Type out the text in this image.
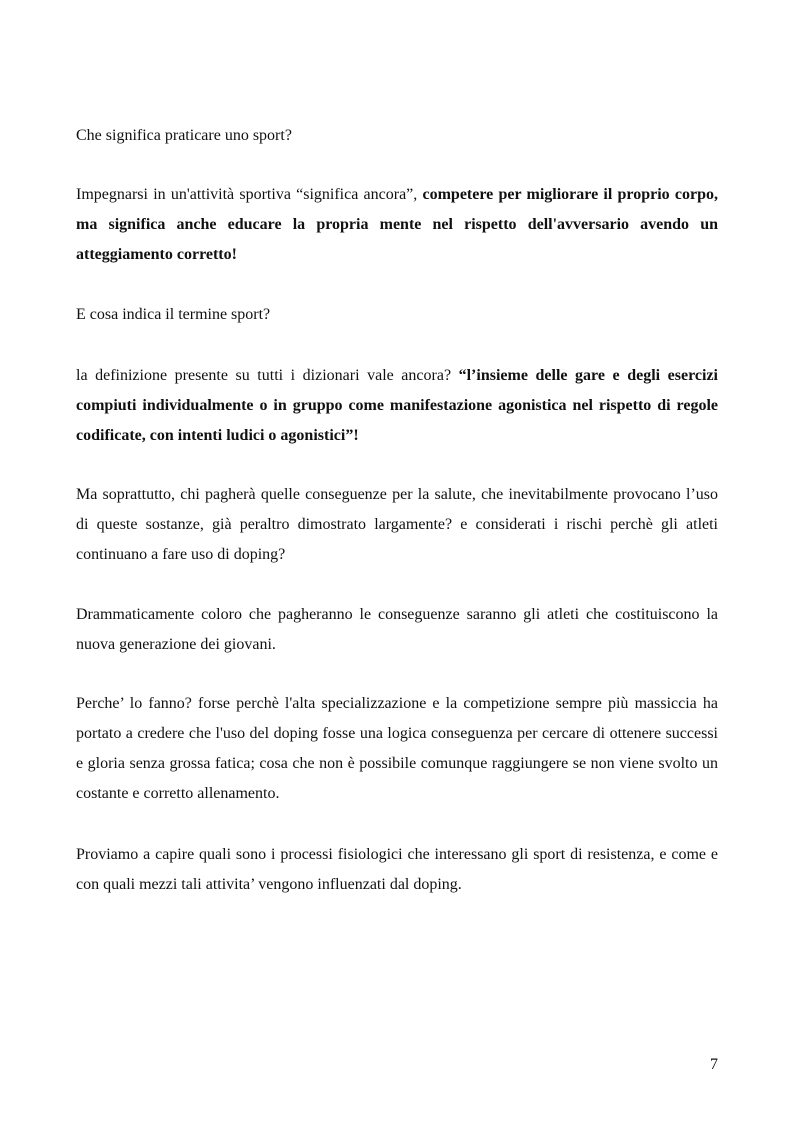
Che significa praticare uno sport?

Impegnarsi in un'attività sportiva “significa ancora”, competere per migliorare il proprio corpo, ma significa anche educare la propria mente nel rispetto dell'avversario avendo un atteggiamento corretto!

E cosa indica il termine sport?

la definizione presente su tutti i dizionari vale ancora? “l’insieme delle gare e degli esercizi compiuti individualmente o in gruppo come manifestazione agonistica nel rispetto di regole codificate, con intenti ludici o agonistici”!

Ma soprattutto, chi pagherà quelle conseguenze per la salute, che inevitabilmente provocano l’uso di queste sostanze, già peraltro dimostrato largamente? e considerati i rischi perchè gli atleti continuano a fare uso di doping?

Drammaticamente coloro che pagheranno le conseguenze saranno gli atleti che costituiscono la nuova generazione dei giovani.

Perche’ lo fanno? forse perchè l'alta specializzazione e la competizione sempre più massiccia ha portato a credere che l'uso del doping fosse una logica conseguenza per cercare di ottenere successi e gloria senza grossa fatica; cosa che non è possibile comunque raggiungere se non viene svolto un costante e corretto allenamento.

Proviamo a capire quali sono i processi fisiologici che interessano gli sport di resistenza, e come e con quali mezzi tali attivita’ vengono influenzati dal doping.

7
